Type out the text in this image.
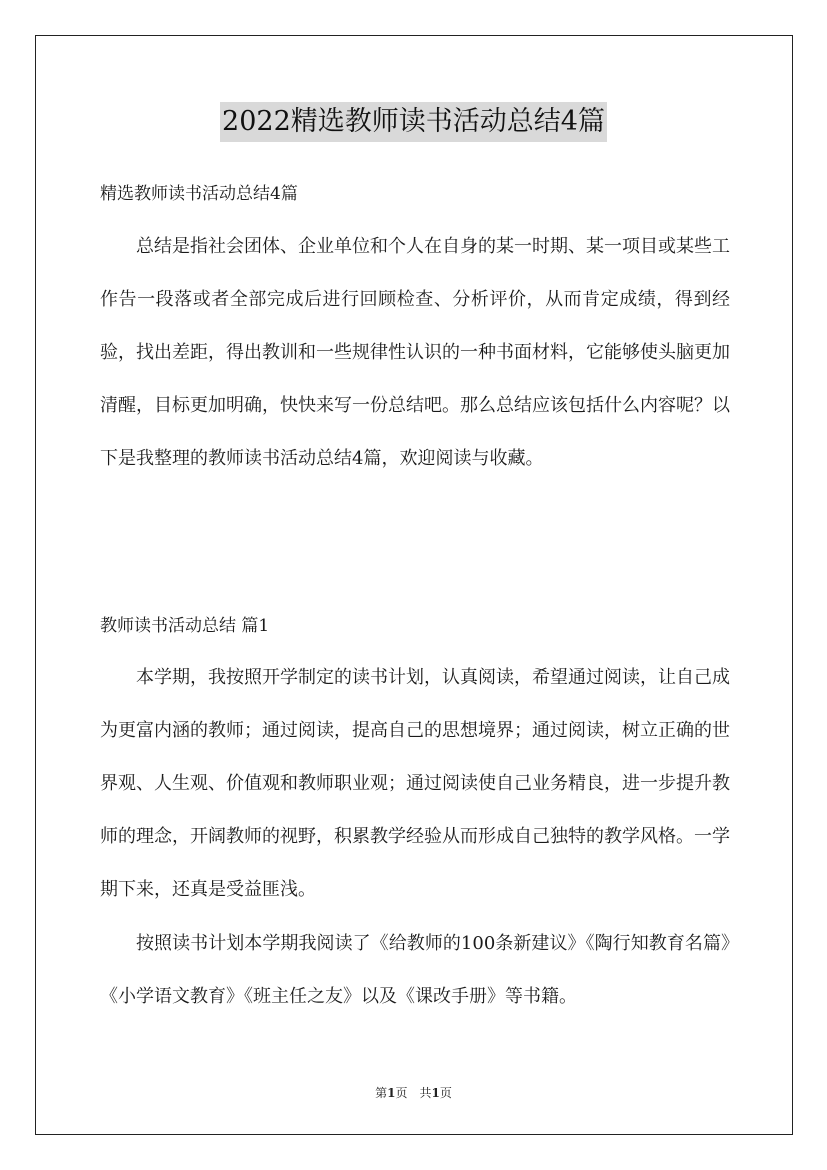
2022精选教师读书活动总结4篇
精选教师读书活动总结4篇

总结是指社会团体、企业单位和个人在自身的某一时期、某一项目或某些工作告一段落或者全部完成后进行回顾检查、分析评价，从而肯定成绩，得到经验，找出差距，得出教训和一些规律性认识的一种书面材料，它能够使头脑更加清醒，目标更加明确，快快来写一份总结吧。那么总结应该包括什么内容呢？以下是我整理的教师读书活动总结4篇，欢迎阅读与收藏。

教师读书活动总结 篇1

本学期，我按照开学制定的读书计划，认真阅读，希望通过阅读，让自己成为更富内涵的教师；通过阅读，提高自己的思想境界；通过阅读，树立正确的世界观、人生观、价值观和教师职业观；通过阅读使自己业务精良，进一步提升教师的理念，开阔教师的视野，积累教学经验从而形成自己独特的教学风格。一学期下来，还真是受益匪浅。

按照读书计划本学期我阅读了《给教师的100条新建议》《陶行知教育名篇》《小学语文教育》《班主任之友》以及《课改手册》等书籍。

第1页　共1页
